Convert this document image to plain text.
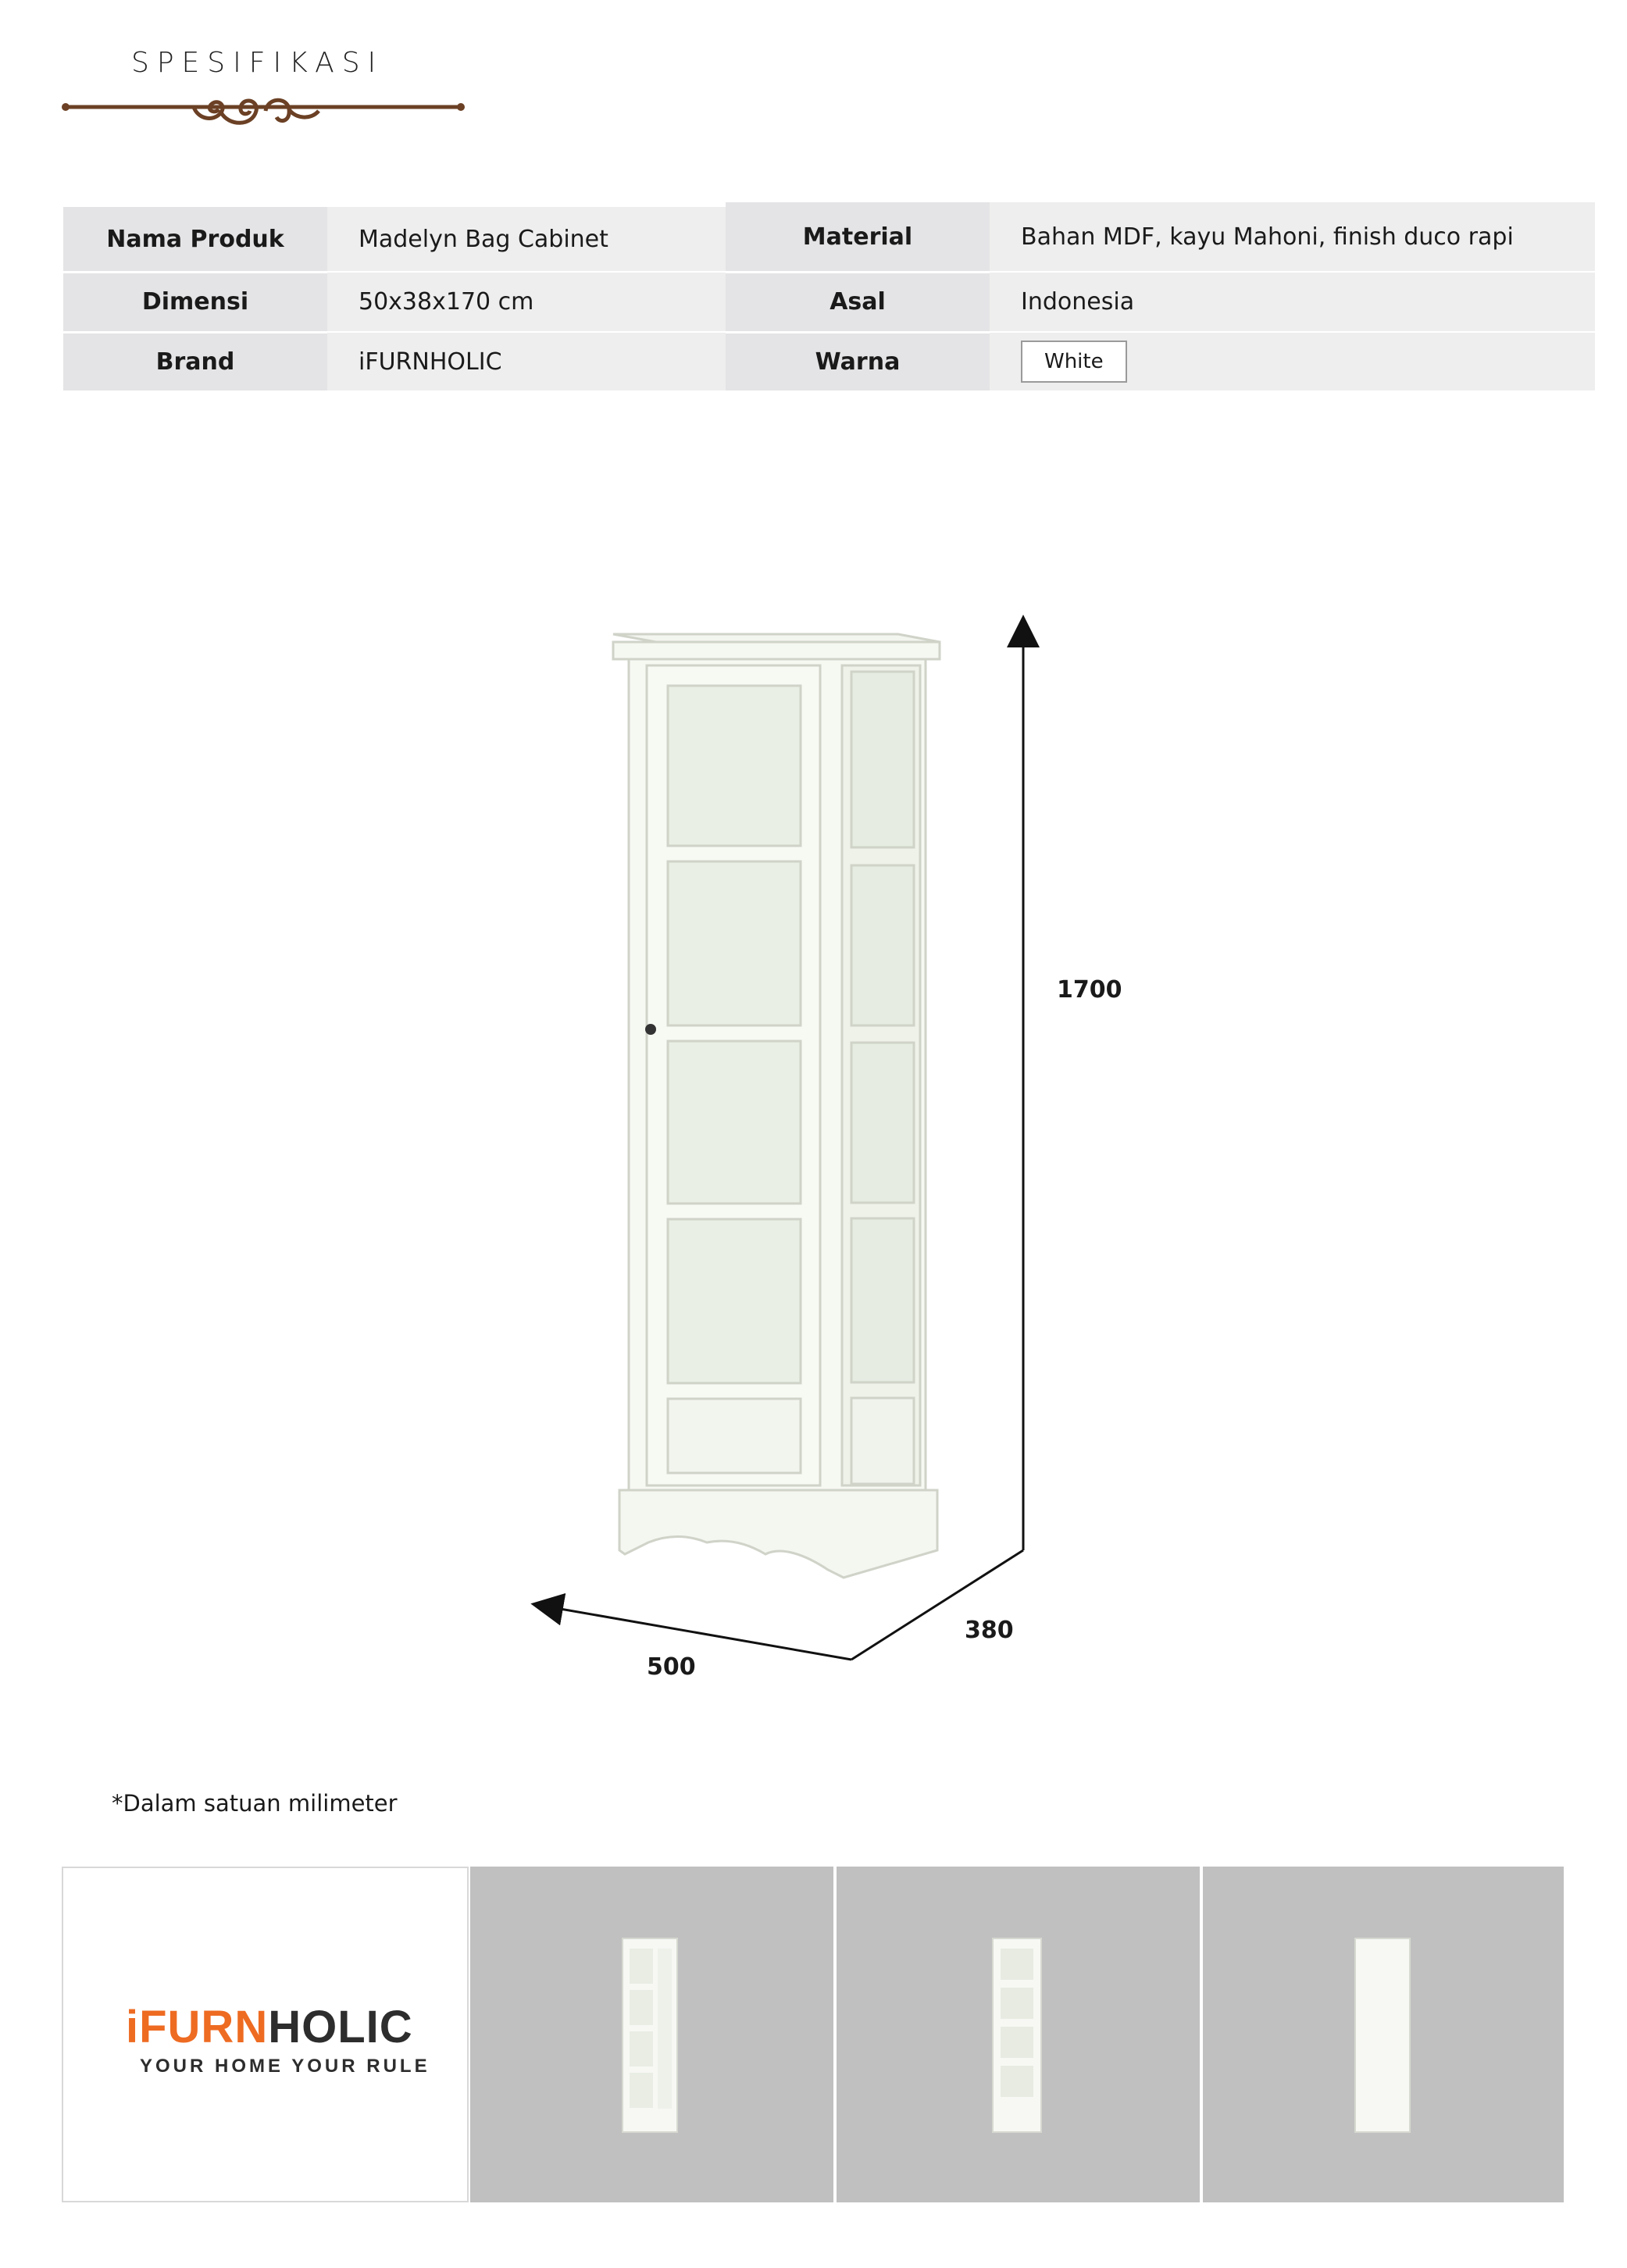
SPESIFIKASI
Nama Produk	Madelyn Bag Cabinet	Material	Bahan MDF, kayu Mahoni, finish duco rapi
Dimensi	50x38x170 cm	Asal	Indonesia
Brand	iFURNHOLIC	Warna	White
1700
380
500
*Dalam satuan milimeter
iFURNHOLIC
YOUR HOME YOUR RULE
